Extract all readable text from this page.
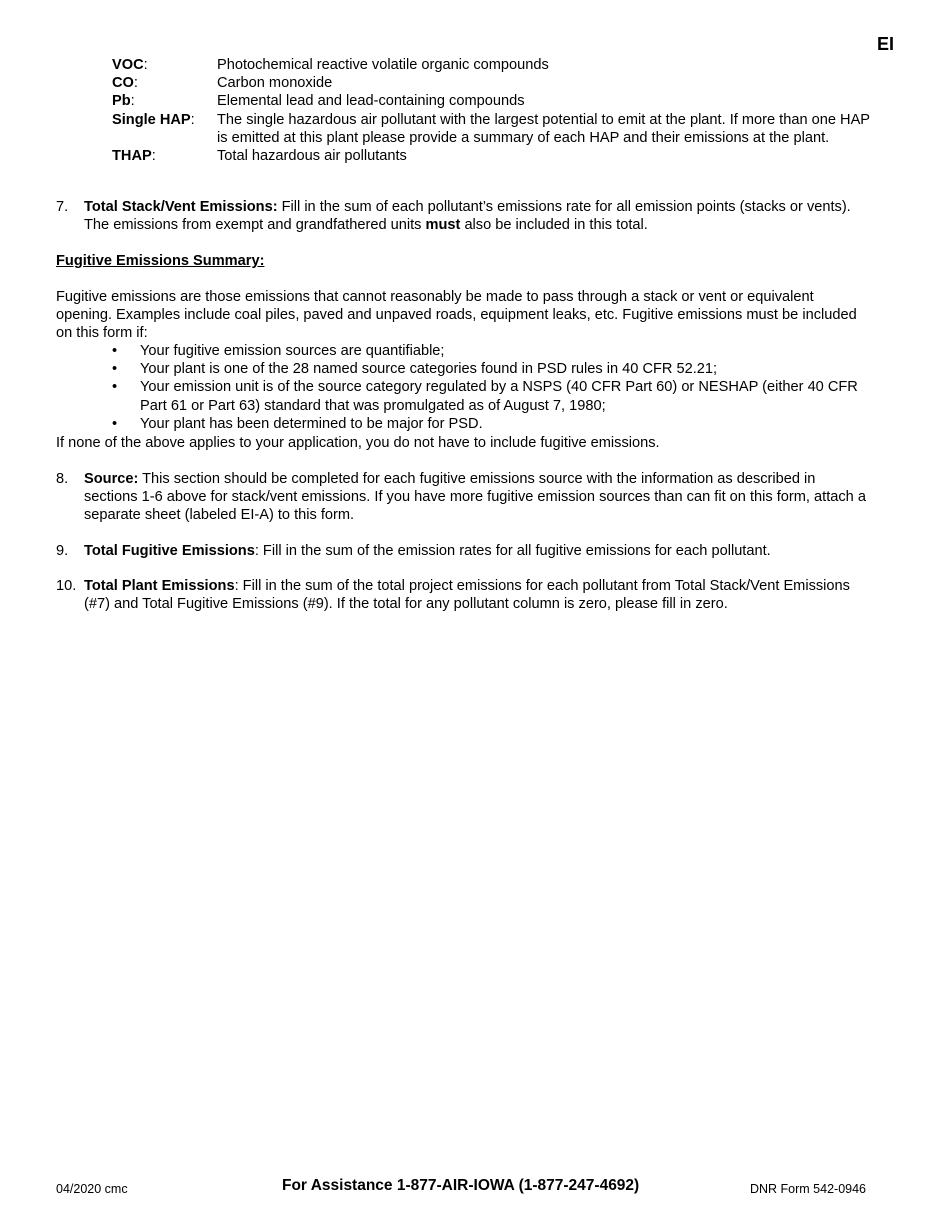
EI
VOC:	Photochemical reactive volatile organic compounds
CO:	Carbon monoxide
Pb:	Elemental lead and lead-containing compounds
Single HAP:	The single hazardous air pollutant with the largest potential to emit at the plant. If more than one HAP is emitted at this plant please provide a summary of each HAP and their emissions at the plant.
THAP:	Total hazardous air pollutants
7.	Total Stack/Vent Emissions: Fill in the sum of each pollutant’s emissions rate for all emission points (stacks or vents). The emissions from exempt and grandfathered units must also be included in this total.
Fugitive Emissions Summary:
Fugitive emissions are those emissions that cannot reasonably be made to pass through a stack or vent or equivalent opening. Examples include coal piles, paved and unpaved roads, equipment leaks, etc. Fugitive emissions must be included on this form if:
•	Your fugitive emission sources are quantifiable;
•	Your plant is one of the 28 named source categories found in PSD rules in 40 CFR 52.21;
•	Your emission unit is of the source category regulated by a NSPS (40 CFR Part 60) or NESHAP (either 40 CFR Part 61 or Part 63) standard that was promulgated as of August 7, 1980;
•	Your plant has been determined to be major for PSD.
If none of the above applies to your application, you do not have to include fugitive emissions.
8.	Source: This section should be completed for each fugitive emissions source with the information as described in sections 1-6 above for stack/vent emissions. If you have more fugitive emission sources than can fit on this form, attach a separate sheet (labeled EI-A) to this form.
9.	Total Fugitive Emissions: Fill in the sum of the emission rates for all fugitive emissions for each pollutant.
10. Total Plant Emissions: Fill in the sum of the total project emissions for each pollutant from Total Stack/Vent Emissions (#7) and Total Fugitive Emissions (#9). If the total for any pollutant column is zero, please fill in zero.
04/2020 cmc	For Assistance 1-877-AIR-IOWA (1-877-247-4692)	DNR Form 542-0946
